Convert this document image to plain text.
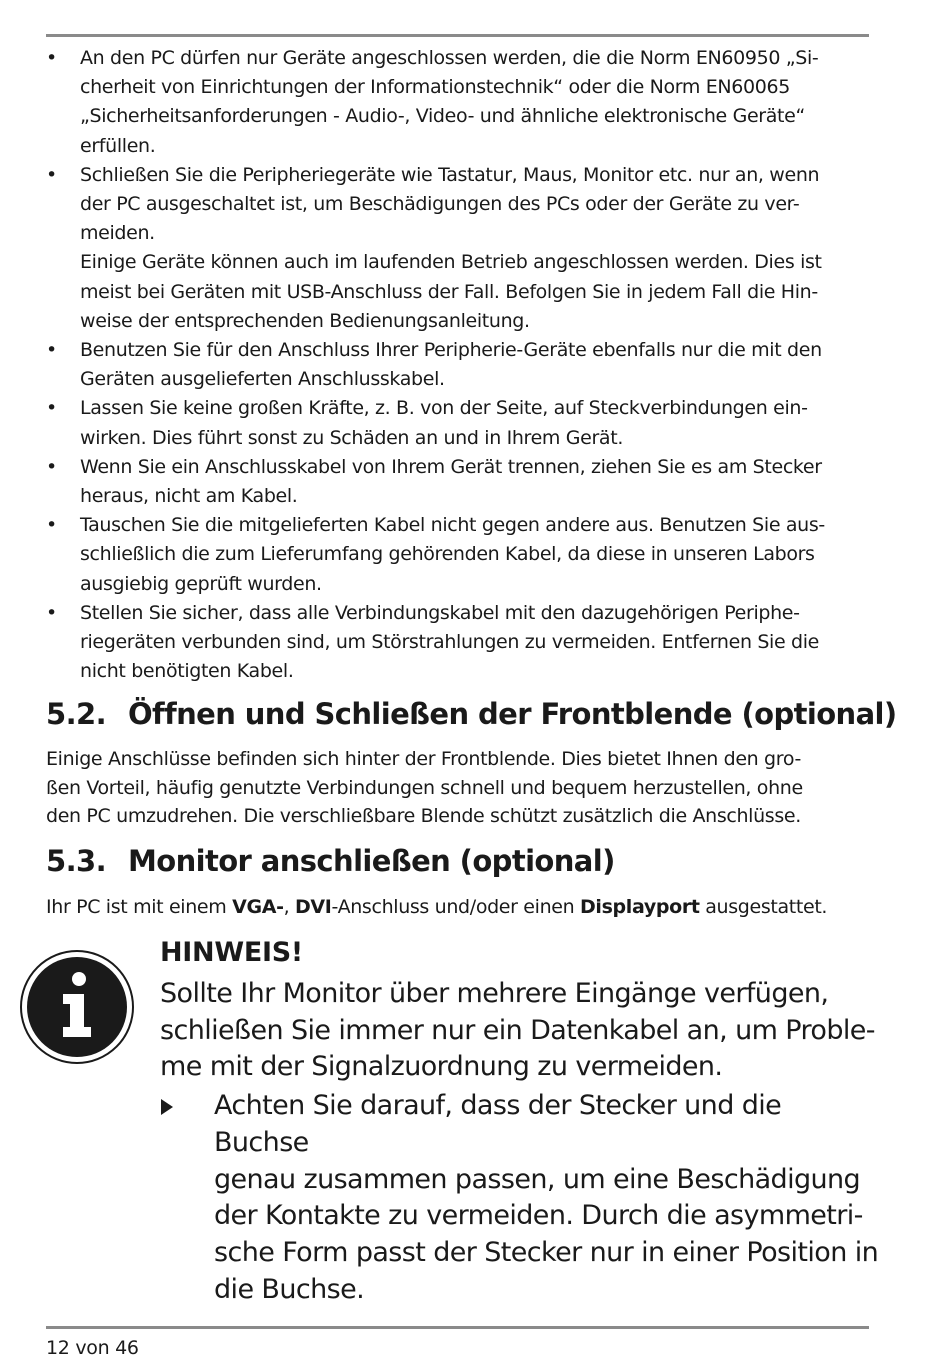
• An den PC dürfen nur Geräte angeschlossen werden, die die Norm EN60950 „Si-
cherheit von Einrichtungen der Informationstechnik“ oder die Norm EN60065
„Sicherheitsanforderungen - Audio-, Video- und ähnliche elektronische Geräte“
erfüllen.

• Schließen Sie die Peripheriegeräte wie Tastatur, Maus, Monitor etc. nur an, wenn
der PC ausgeschaltet ist, um Beschädigungen des PCs oder der Geräte zu ver-
meiden.

Einige Geräte können auch im laufenden Betrieb angeschlossen werden. Dies ist
meist bei Geräten mit USB-Anschluss der Fall. Befolgen Sie in jedem Fall die Hin-
weise der entsprechenden Bedienungsanleitung.

• Benutzen Sie für den Anschluss Ihrer Peripherie-Geräte ebenfalls nur die mit den
Geräten ausgelieferten Anschlusskabel.

• Lassen Sie keine großen Kräfte, z. B. von der Seite, auf Steckverbindungen ein-
wirken. Dies führt sonst zu Schäden an und in Ihrem Gerät.

• Wenn Sie ein Anschlusskabel von Ihrem Gerät trennen, ziehen Sie es am Stecker
heraus, nicht am Kabel.

• Tauschen Sie die mitgelieferten Kabel nicht gegen andere aus. Benutzen Sie aus-
schließlich die zum Lieferumfang gehörenden Kabel, da diese in unseren Labors
ausgiebig geprüft wurden.

• Stellen Sie sicher, dass alle Verbindungskabel mit den dazugehörigen Periphe-
riegeräten verbunden sind, um Störstrahlungen zu vermeiden. Entfernen Sie die
nicht benötigten Kabel.

5.2. Öffnen und Schließen der Frontblende (optional)

Einige Anschlüsse befinden sich hinter der Frontblende. Dies bietet Ihnen den gro-
ßen Vorteil, häufig genutzte Verbindungen schnell und bequem herzustellen, ohne
den PC umzudrehen. Die verschließbare Blende schützt zusätzlich die Anschlüsse.

5.3. Monitor anschließen (optional)

Ihr PC ist mit einem VGA-, DVI-Anschluss und/oder einen Displayport ausgestattet.

HINWEIS!

Sollte Ihr Monitor über mehrere Eingänge verfügen,
schließen Sie immer nur ein Datenkabel an, um Proble-
me mit der Signalzuordnung zu vermeiden.

Achten Sie darauf, dass der Stecker und die Buchse
genau zusammen passen, um eine Beschädigung
der Kontakte zu vermeiden. Durch die asymmetri-
sche Form passt der Stecker nur in einer Position in
die Buchse.

12 von 46
